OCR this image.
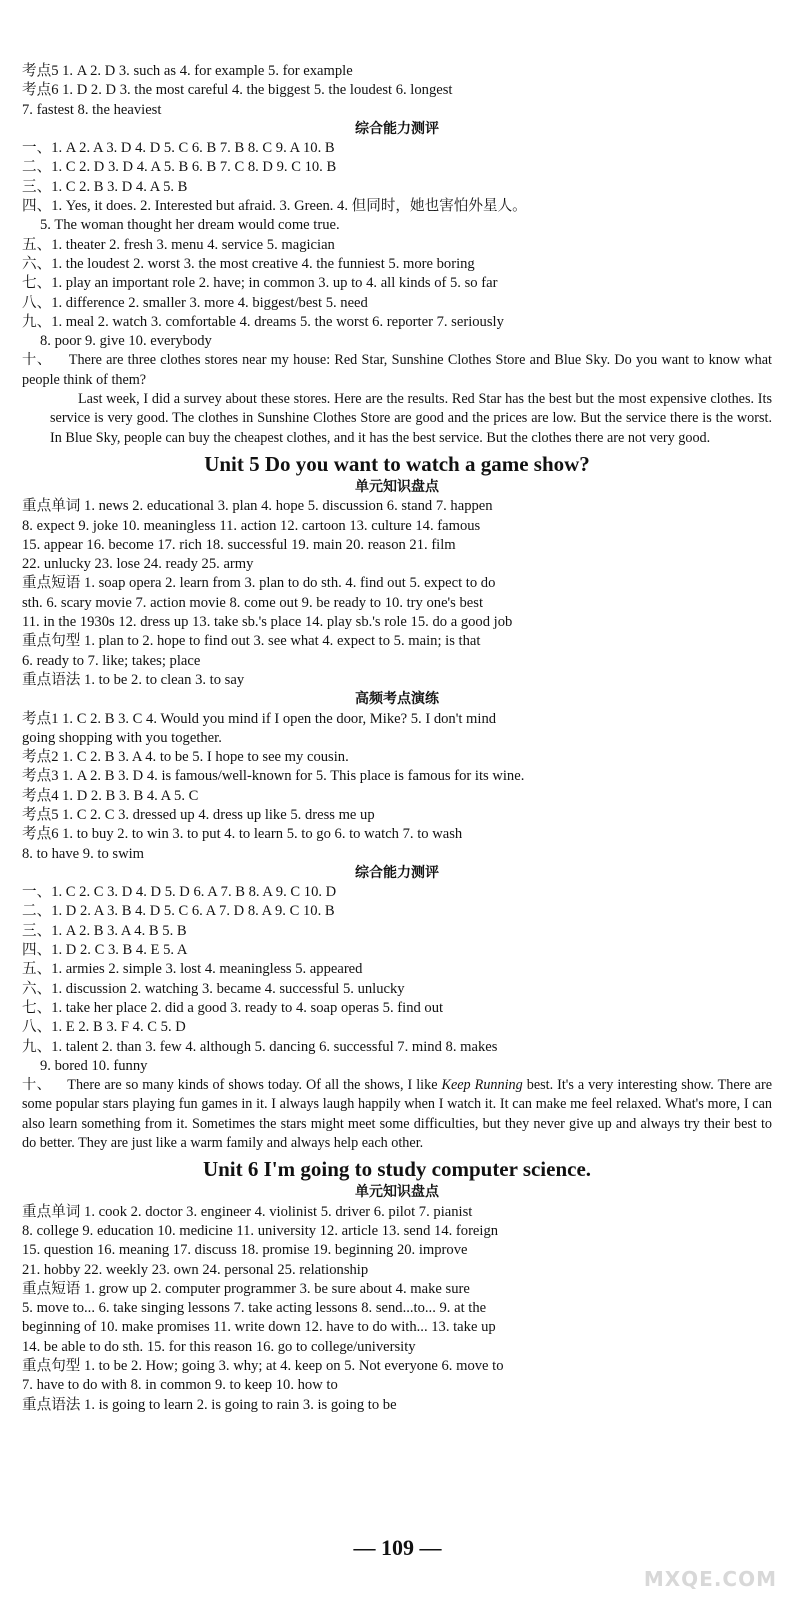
考点5 1. A 2. D 3. such as 4. for example 5. for example
考点6 1. D 2. D 3. the most careful 4. the biggest 5. the loudest 6. longest
7. fastest 8. the heaviest
综合能力测评
一、1. A 2. A 3. D 4. D 5. C 6. B 7. B 8. C 9. A 10. B
二、1. C 2. D 3. D 4. A 5. B 6. B 7. C 8. D 9. C 10. B
三、1. C 2. B 3. D 4. A 5. B
四、1. Yes, it does. 2. Interested but afraid. 3. Green. 4. 但同时，她也害怕外星人。
5. The woman thought her dream would come true.
五、1. theater 2. fresh 3. menu 4. service 5. magician
六、1. the loudest 2. worst 3. the most creative 4. the funniest 5. more boring
七、1. play an important role 2. have; in common 3. up to 4. all kinds of 5. so far
八、1. difference 2. smaller 3. more 4. biggest/best 5. need
九、1. meal 2. watch 3. comfortable 4. dreams 5. the worst 6. reporter 7. seriously
8. poor 9. give 10. everybody

十、 There are three clothes stores near my house: Red Star, Sunshine Clothes Store and Blue Sky. Do you want to know what people think of them?

Last week, I did a survey about these stores. Here are the results. Red Star has the best but the most expensive clothes. Its service is very good. The clothes in Sunshine Clothes Store are good and the prices are low. But the service there is the worst. In Blue Sky, people can buy the cheapest clothes, and it has the best service. But the clothes there are not very good.

Unit 5 Do you want to watch a game show?
单元知识盘点
重点单词 1. news 2. educational 3. plan 4. hope 5. discussion 6. stand 7. happen
8. expect 9. joke 10. meaningless 11. action 12. cartoon 13. culture 14. famous
15. appear 16. become 17. rich 18. successful 19. main 20. reason 21. film
22. unlucky 23. lose 24. ready 25. army
重点短语 1. soap opera 2. learn from 3. plan to do sth. 4. find out 5. expect to do
sth. 6. scary movie 7. action movie 8. come out 9. be ready to 10. try one's best
11. in the 1930s 12. dress up 13. take sb.'s place 14. play sb.'s role 15. do a good job
重点句型 1. plan to 2. hope to find out 3. see what 4. expect to 5. main; is that
6. ready to 7. like; takes; place
重点语法 1. to be 2. to clean 3. to say
高频考点演练
考点1 1. C 2. B 3. C 4. Would you mind if I open the door, Mike? 5. I don't mind
going shopping with you together.
考点2 1. C 2. B 3. A 4. to be 5. I hope to see my cousin.
考点3 1. A 2. B 3. D 4. is famous/well-known for 5. This place is famous for its wine.
考点4 1. D 2. B 3. B 4. A 5. C
考点5 1. C 2. C 3. dressed up 4. dress up like 5. dress me up
考点6 1. to buy 2. to win 3. to put 4. to learn 5. to go 6. to watch 7. to wash
8. to have 9. to swim
综合能力测评
一、1. C 2. C 3. D 4. D 5. D 6. A 7. B 8. A 9. C 10. D
二、1. D 2. A 3. B 4. D 5. C 6. A 7. D 8. A 9. C 10. B
三、1. A 2. B 3. A 4. B 5. B
四、1. D 2. C 3. B 4. E 5. A
五、1. armies 2. simple 3. lost 4. meaningless 5. appeared
六、1. discussion 2. watching 3. became 4. successful 5. unlucky
七、1. take her place 2. did a good 3. ready to 4. soap operas 5. find out
八、1. E 2. B 3. F 4. C 5. D
九、1. talent 2. than 3. few 4. although 5. dancing 6. successful 7. mind 8. makes
9. bored 10. funny

十、 There are so many kinds of shows today. Of all the shows, I like Keep Running best. It's a very interesting show. There are some popular stars playing fun games in it. I always laugh happily when I watch it. It can make me feel relaxed. What's more, I can also learn something from it. Sometimes the stars might meet some difficulties, but they never give up and always try their best to do better. They are just like a warm family and always help each other.

Unit 6 I'm going to study computer science.
单元知识盘点
重点单词 1. cook 2. doctor 3. engineer 4. violinist 5. driver 6. pilot 7. pianist
8. college 9. education 10. medicine 11. university 12. article 13. send 14. foreign
15. question 16. meaning 17. discuss 18. promise 19. beginning 20. improve
21. hobby 22. weekly 23. own 24. personal 25. relationship
重点短语 1. grow up 2. computer programmer 3. be sure about 4. make sure
5. move to... 6. take singing lessons 7. take acting lessons 8. send...to... 9. at the
beginning of 10. make promises 11. write down 12. have to do with... 13. take up
14. be able to do sth. 15. for this reason 16. go to college/university
重点句型 1. to be 2. How; going 3. why; at 4. keep on 5. Not everyone 6. move to
7. have to do with 8. in common 9. to keep 10. how to
重点语法 1. is going to learn 2. is going to rain 3. is going to be
— 109 —
MXQE.COM
